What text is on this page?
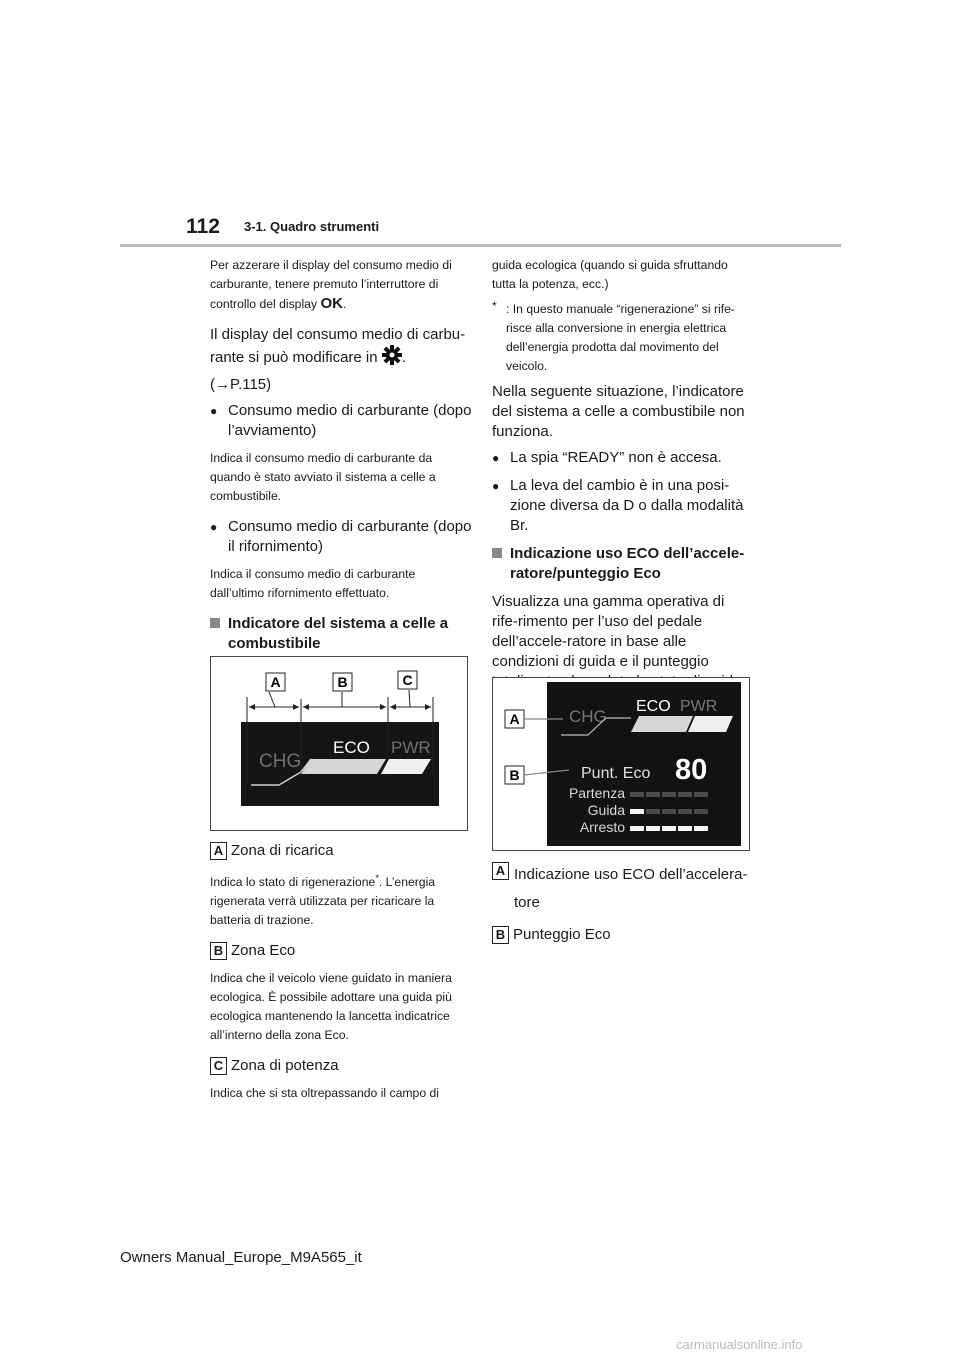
112 3-1. Quadro strumenti

Per azzerare il display del consumo medio di carburante, tenere premuto l’interruttore di controllo del display OK.

Il display del consumo medio di carbu-rante si può modificare in .

(→P.115)

● Consumo medio di carburante (dopo l’avviamento)

Indica il consumo medio di carburante da quando è stato avviato il sistema a celle a combustibile.

● Consumo medio di carburante (dopo il rifornimento)

Indica il consumo medio di carburante dall’ultimo rifornimento effettuato.

Indicatore del sistema a celle a combustibile
A	B	C
CHG
ECO PWR
A Zona di ricarica

Indica lo stato di rigenerazione*. L’energia rigenerata verrà utilizzata per ricaricare la batteria di trazione.

B Zona Eco

Indica che il veicolo viene guidato in maniera ecologica. È possibile adottare una guida più ecologica mantenendo la lancetta indicatrice all’interno della zona Eco.

C Zona di potenza

Indica che si sta oltrepassando il campo di

guida ecologica (quando si guida sfruttando tutta la potenza, ecc.)

* : In questo manuale “rigenerazione” si rife-risce alla conversione in energia elettrica dell’energia prodotta dal movimento del veicolo.

Nella seguente situazione, l’indicatore del sistema a celle a combustibile non funziona.

● La spia “READY” non è accesa.
● La leva del cambio è in una posi-zione diversa da D o dalla modalità Br.
Indicazione uso ECO dell’accele-ratore/punteggio Eco

Visualizza una gamma operativa di rife-rimento per l’uso del pedale dell’accele-ratore in base alle condizioni di guida e il punteggio

A
B
CHG
ECO PWR
Punt. Eco 80
Partenza
Guida
Arresto
A Indicazione uso ECO dell’accelera-tore
B Punteggio Eco
Owners Manual_Europe_M9A565_it
carmanualsonline.info
